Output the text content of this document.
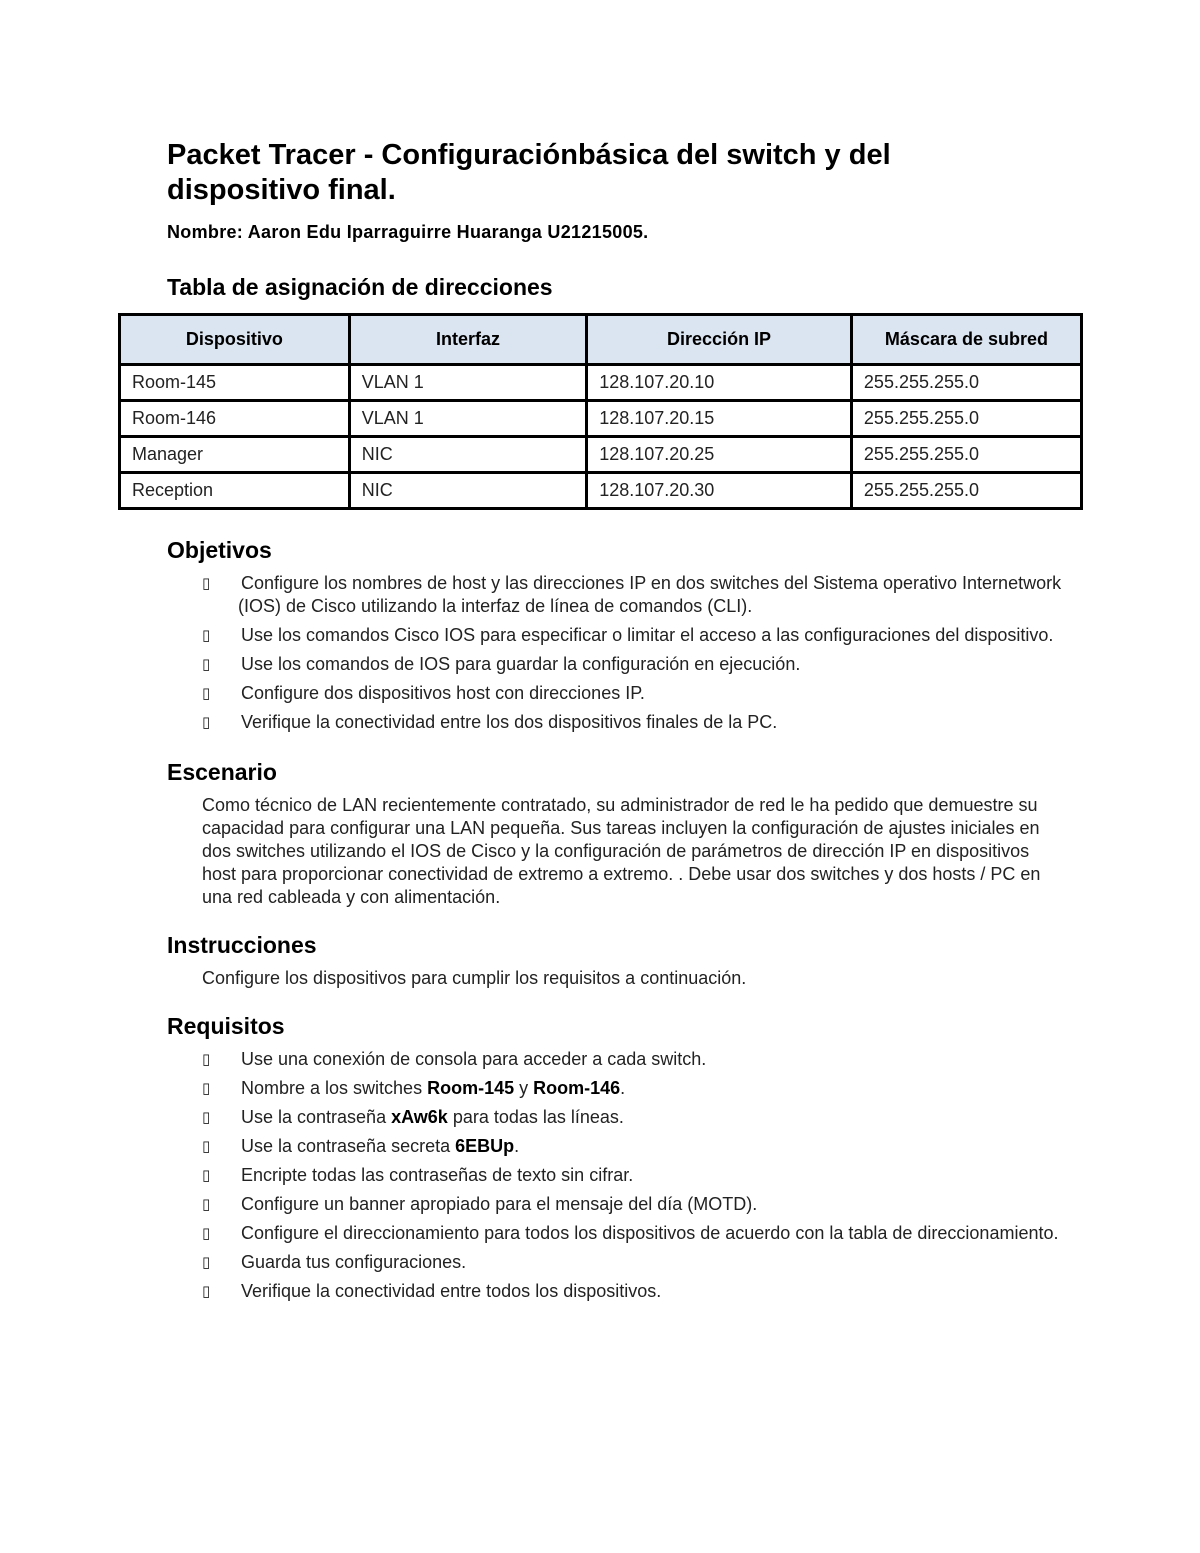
Packet Tracer - Configuraciónbásica del switch y del dispositivo final.
Nombre: Aaron Edu Iparraguirre Huaranga U21215005.
Tabla de asignación de direcciones
Dispositivo	Interfaz	Dirección IP	Máscara de subred
Room-145	VLAN 1	128.107.20.10	255.255.255.0
Room-146	VLAN 1	128.107.20.15	255.255.255.0
Manager	NIC	128.107.20.25	255.255.255.0
Reception	NIC	128.107.20.30	255.255.255.0
Objetivos
▯ Configure los nombres de host y las direcciones IP en dos switches del Sistema operativo Internetwork (IOS) de Cisco utilizando la interfaz de línea de comandos (CLI).
▯ Use los comandos Cisco IOS para especificar o limitar el acceso a las configuraciones del dispositivo.
▯ Use los comandos de IOS para guardar la configuración en ejecución.
▯ Configure dos dispositivos host con direcciones IP.
▯ Verifique la conectividad entre los dos dispositivos finales de la PC.
Escenario

Como técnico de LAN recientemente contratado, su administrador de red le ha pedido que demuestre su capacidad para configurar una LAN pequeña. Sus tareas incluyen la configuración de ajustes iniciales en dos switches utilizando el IOS de Cisco y la configuración de parámetros de dirección IP en dispositivos host para proporcionar conectividad de extremo a extremo. . Debe usar dos switches y dos hosts / PC en una red cableada y con alimentación.

Instrucciones

Configure los dispositivos para cumplir los requisitos a continuación.

Requisitos
▯ Use una conexión de consola para acceder a cada switch.
▯ Nombre a los switches Room-145 y Room-146.
▯ Use la contraseña xAw6k para todas las líneas.
▯ Use la contraseña secreta 6EBUp.
▯ Encripte todas las contraseñas de texto sin cifrar.
▯ Configure un banner apropiado para el mensaje del día (MOTD).
▯ Configure el direccionamiento para todos los dispositivos de acuerdo con la tabla de direccionamiento.
▯ Guarda tus configuraciones.
▯ Verifique la conectividad entre todos los dispositivos.
